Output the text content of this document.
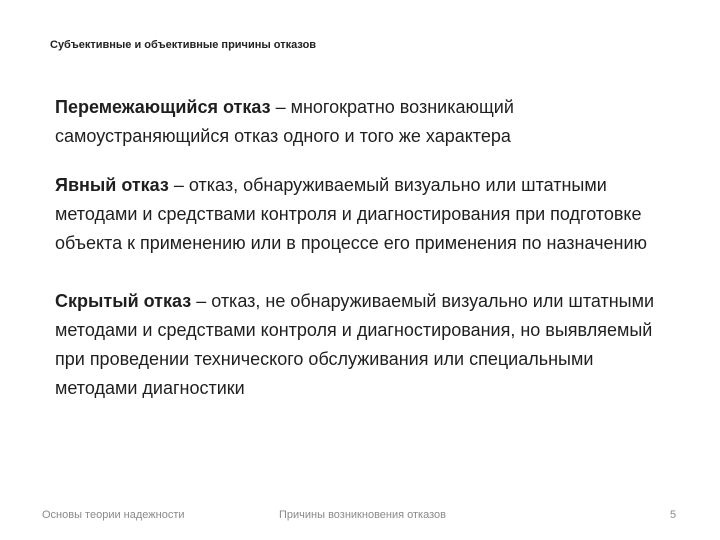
Субъективные и объективные причины отказов

Перемежающийся отказ – многократно возникающий самоустраняющийся отказ одного и того же характера

Явный отказ – отказ, обнаруживаемый визуально или штатными методами и средствами контроля и диагностирования при подготовке объекта к применению или в процессе его применения по назначению

Скрытый отказ – отказ, не обнаруживаемый визуально или штатными методами и средствами контроля и диагностирования, но выявляемый при проведении технического обслуживания или специальными методами диагностики

Основы теории надежности	Причины возникновения отказов	5
